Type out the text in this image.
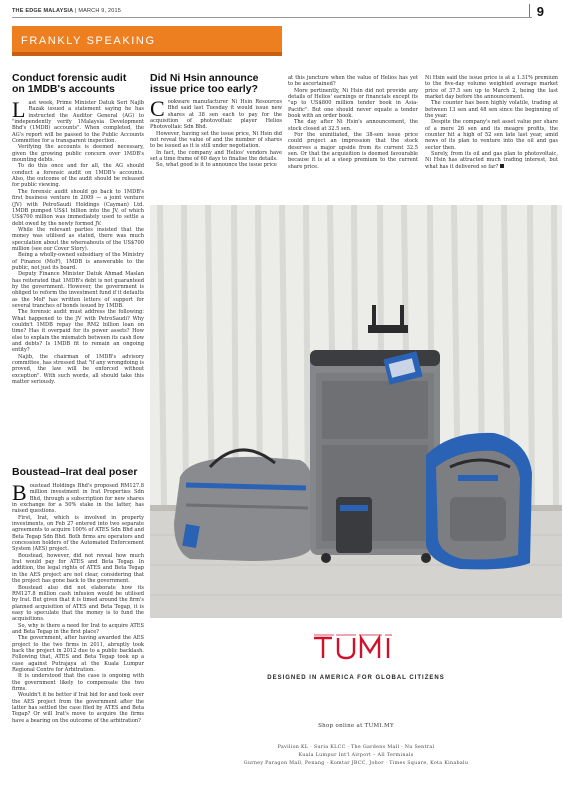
THE EDGE MALAYSIA | MARCH 9, 2015	9
FRANKLY SPEAKING
Conduct forensic audit on 1MDB's accounts
Did Ni Hsin announce issue price too early?
Boustead–Irat deal poser

Last week, Prime Minister Datuk Seri Najib Razak issued a statement saying he has instructed the Auditor General (AG) to "independently verify 1Malaysia Development Bhd's (1MDB) accounts". When completed, the AG's report will be passed to the Public Accounts Committee for a transparent inspection.

Verifying the accounts is deemed necessary, given the growing public concern over 1MDB's mounting debts.

To do this once and for all, the AG should conduct a forensic audit on 1MDB's accounts. Also, the outcome of the audit should be released for public viewing.

The forensic audit should go back to 1MDB's first business venture in 2009 — a joint venture (JV) with PetroSaudi Holdings (Cayman) Ltd. 1MDB pumped US$1 billion into the JV, of which US$700 million was immediately used to settle a debt owed by the newly formed JV.

While the relevant parties insisted that the money was utilised as stated, there was much speculation about the whereabouts of the US$700 million (see our Cover Story).

Being a wholly-owned subsidiary of the Ministry of Finance (MoF), 1MDB is answerable to the public, not just its board.

Deputy Finance Minister Datuk Ahmad Maslan has reiterated that 1MDB's debt is not guaranteed by the government. However, the government is obliged to reform the investment fund if it defaults as the MoF has written letters of support for several tranches of bonds issued by 1MDB.

The forensic audit must address the following: What happened to the JV with PetroSaudi? Why couldn't 1MDB repay the RM2 billion loan on time? Has it overpaid for its power assets? How else to explain the mismatch between its cash flow and debts? Is 1MDB fit to remain an ongoing entity?

Najib, the chairman of 1MDB's advisory committee, has stressed that "if any wrongdoing is proved, the law will be enforced without exception". With such words, all should take this matter seriously.

Boustead Holdings Bhd's proposed RM127.8 million investment in Irat Properties Sdn Bhd, through a subscription for new shares in exchange for a 50% stake in the latter, has raised questions.

First, Irat, which is involved in property investments, on Feb 27 entered into two separate agreements to acquire 100% of ATES Sdn Bhd and Beta Tegap Sdn Bhd. Both firms are operators and concession holders of the Automated Enforcement System (AES) project.

Boustead, however, did not reveal how much Irat would pay for ATES and Beta Tegap. In addition, the legal rights of ATES and Beta Tegap in the AES project are not clear, considering that the project has gone back to the government.

Boustead also did not elaborate how its RM127.8 million cash infusion would be utilised by Irat. But given that it is timed around the firm's planned acquisition of ATES and Beta Tegap, it is easy to speculate that the money is to fund the acquisitions.

So, why is there a need for Irat to acquire ATES and Beta Tegap in the first place?

The government, after having awarded the AES project to the two firms in 2011, abruptly took back the project in 2012 due to a public backlash. Following that, ATES and Beta Tegap took up a case against Putrajaya at the Kuala Lumpur Regional Centre for Arbitration.

It is understood that the case is ongoing with the government likely to compensate the two firms.

Wouldn't it be better if Irat bid for and took over the AES project from the government after the latter has settled the case filed by ATES and Beta Tegap? Or will Irat's move to acquire the firms have a bearing on the outcome of the arbitration?

Cookware manufacturer Ni Hsin Resources Bhd said last Tuesday it would issue new shares at 38 sen each to pay for the acquisition of photovoltaic player Helios Photovoltaic Sdn Bhd.

However, having set the issue price, Ni Hsin did not reveal the value of and the number of shares to be issued as it is still under negotiation.

In fact, the company and Helios' vendors have set a time frame of 60 days to finalise the details.

So, what good is it to announce the issue price

at this juncture when the value of Helios has yet to be ascertained?

More pertinently, Ni Hsin did not provide any details of Helios' earnings or financials except its "up to US$800 million tender book in Asia-Pacific". But one should never equate a tender book with an order book.

The day after Ni Hsin's announcement, the stock closed at 32.5 sen.

For the uninitiated, the 38-sen issue price could project an impression that the stock deserves a major upside from its current 32.5 sen. Or that the acquisition is deemed favourable because it is at a steep premium to the current share price.

Ni Hsin said the issue price is at a 1.31% premium to the five-day volume weighted average market price of 37.5 sen up to March 2, being the last market day before the announcement.

The counter has been highly volatile, trading at between 13 sen and 48 sen since the beginning of the year.

Despite the company's net asset value per share of a mere 26 sen and its meagre profits, the counter hit a high of 52 sen late last year, amid news of its plan to venture into the oil and gas sector then.

Surely, from its oil and gas plan to photovoltaic, Ni Hsin has attracted much trading interest, but what has it delivered so far?

DESIGNED IN AMERICA FOR GLOBAL CITIZENS
Shop online at TUMI.MY
Pavilion KL · Suria KLCC · The Gardens Mall · Nu Sentral
Kuala Lumpur Int'l Airport – All Terminals
Gurney Paragon Mall, Penang · Komtar JBCC, Johor · Times Square, Kota Kinabalu
